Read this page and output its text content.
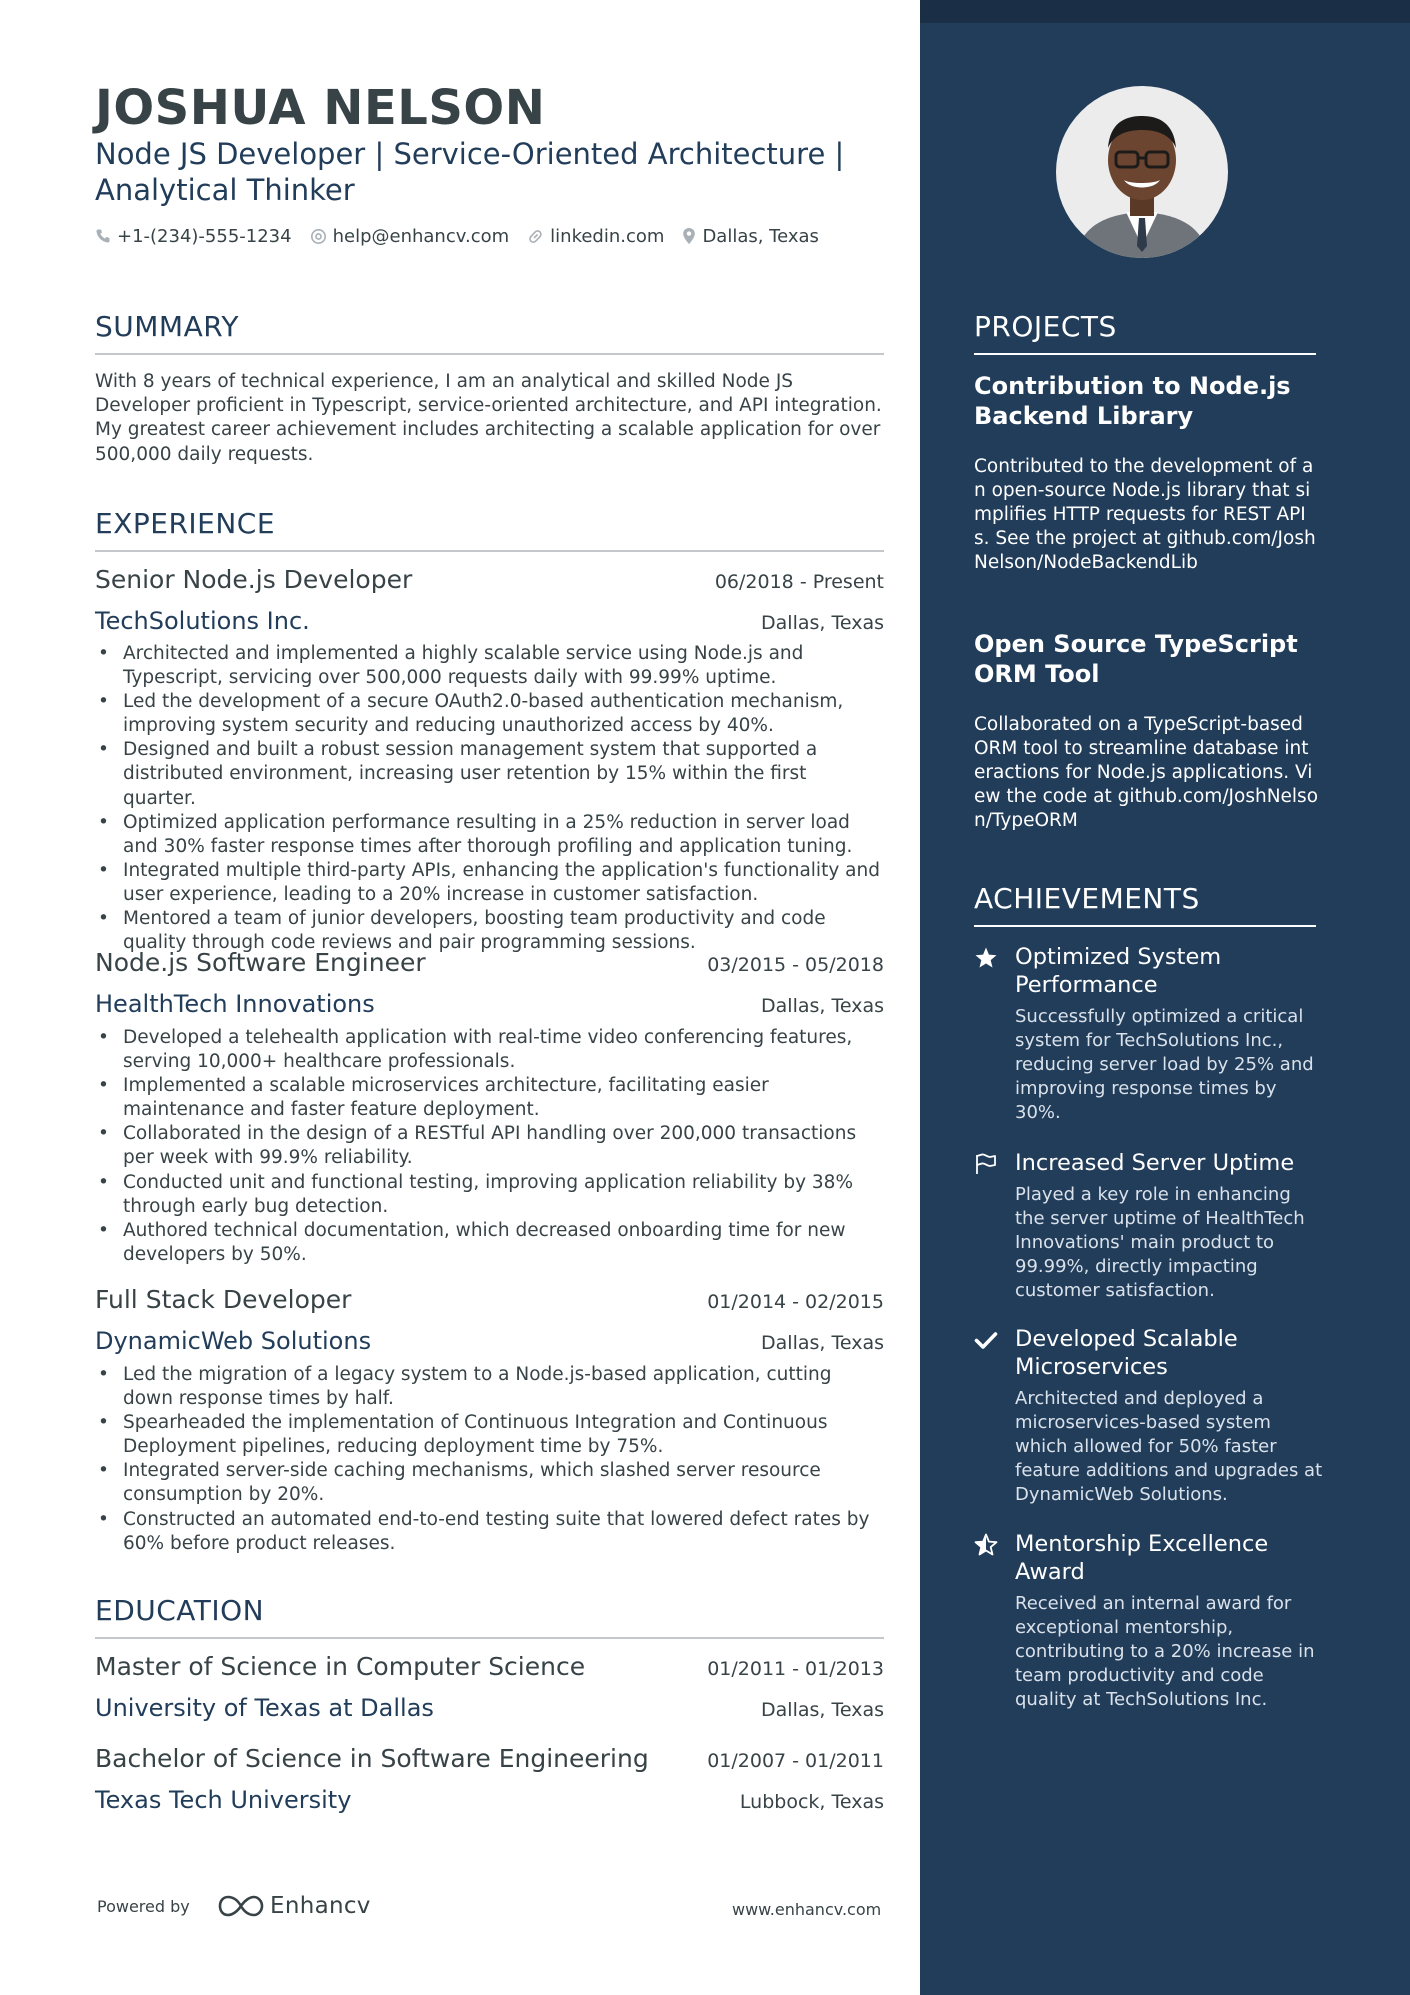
JOSHUA NELSON

Node JS Developer | Service-Oriented Architecture | Analytical Thinker

+1-(234)-555-1234 help@enhancv.com linkedin.com Dallas, Texas
SUMMARY

With 8 years of technical experience, I am an analytical and skilled Node JS Developer proficient in Typescript, service-oriented architecture, and API integration. My greatest career achievement includes architecting a scalable application for over 500,000 daily requests.

EXPERIENCE
Senior Node.js Developer	06/2018 - Present
TechSolutions Inc.	Dallas, Texas
• Architected and implemented a highly scalable service using Node.js and Typescript, servicing over 500,000 requests daily with 99.99% uptime.
• Led the development of a secure OAuth2.0-based authentication mechanism, improving system security and reducing unauthorized access by 40%.
• Designed and built a robust session management system that supported a distributed environment, increasing user retention by 15% within the first quarter.
• Optimized application performance resulting in a 25% reduction in server load and 30% faster response times after thorough profiling and application tuning.
• Integrated multiple third-party APIs, enhancing the application's functionality and user experience, leading to a 20% increase in customer satisfaction.
• Mentored a team of junior developers, boosting team productivity and code quality through code reviews and pair programming sessions.
Node.js Software Engineer	03/2015 - 05/2018
HealthTech Innovations	Dallas, Texas
• Developed a telehealth application with real-time video conferencing features, serving 10,000+ healthcare professionals.
• Implemented a scalable microservices architecture, facilitating easier maintenance and faster feature deployment.
• Collaborated in the design of a RESTful API handling over 200,000 transactions per week with 99.9% reliability.
• Conducted unit and functional testing, improving application reliability by 38% through early bug detection.
• Authored technical documentation, which decreased onboarding time for new developers by 50%.
Full Stack Developer	01/2014 - 02/2015
DynamicWeb Solutions	Dallas, Texas
• Led the migration of a legacy system to a Node.js-based application, cutting down response times by half.
• Spearheaded the implementation of Continuous Integration and Continuous Deployment pipelines, reducing deployment time by 75%.
• Integrated server-side caching mechanisms, which slashed server resource consumption by 20%.
• Constructed an automated end-to-end testing suite that lowered defect rates by 60% before product releases.
EDUCATION
Master of Science in Computer Science	01/2011 - 01/2013
University of Texas at Dallas	Dallas, Texas
Bachelor of Science in Software Engineering	01/2007 - 01/2011
Texas Tech University	Lubbock, Texas
Powered by	Enhancv	www.enhancv.com
PROJECTS

Contribution to Node.js Backend Library

Contributed to the development of an open-source Node.js library that simplifies HTTP requests for REST APIs. See the project at github.com/JoshNelson/NodeBackendLib

Open Source TypeScript ORM Tool

Collaborated on a TypeScript-based ORM tool to streamline database interactions for Node.js applications. View the code at github.com/JoshNelson/TypeORM

ACHIEVEMENTS

Optimized System Performance

Successfully optimized a critical system for TechSolutions Inc., reducing server load by 25% and improving response times by 30%.

Increased Server Uptime

Played a key role in enhancing the server uptime of HealthTech Innovations' main product to 99.99%, directly impacting customer satisfaction.

Developed Scalable Microservices

Architected and deployed a microservices-based system which allowed for 50% faster feature additions and upgrades at DynamicWeb Solutions.

Mentorship Excellence Award

Received an internal award for exceptional mentorship, contributing to a 20% increase in team productivity and code quality at TechSolutions Inc.
